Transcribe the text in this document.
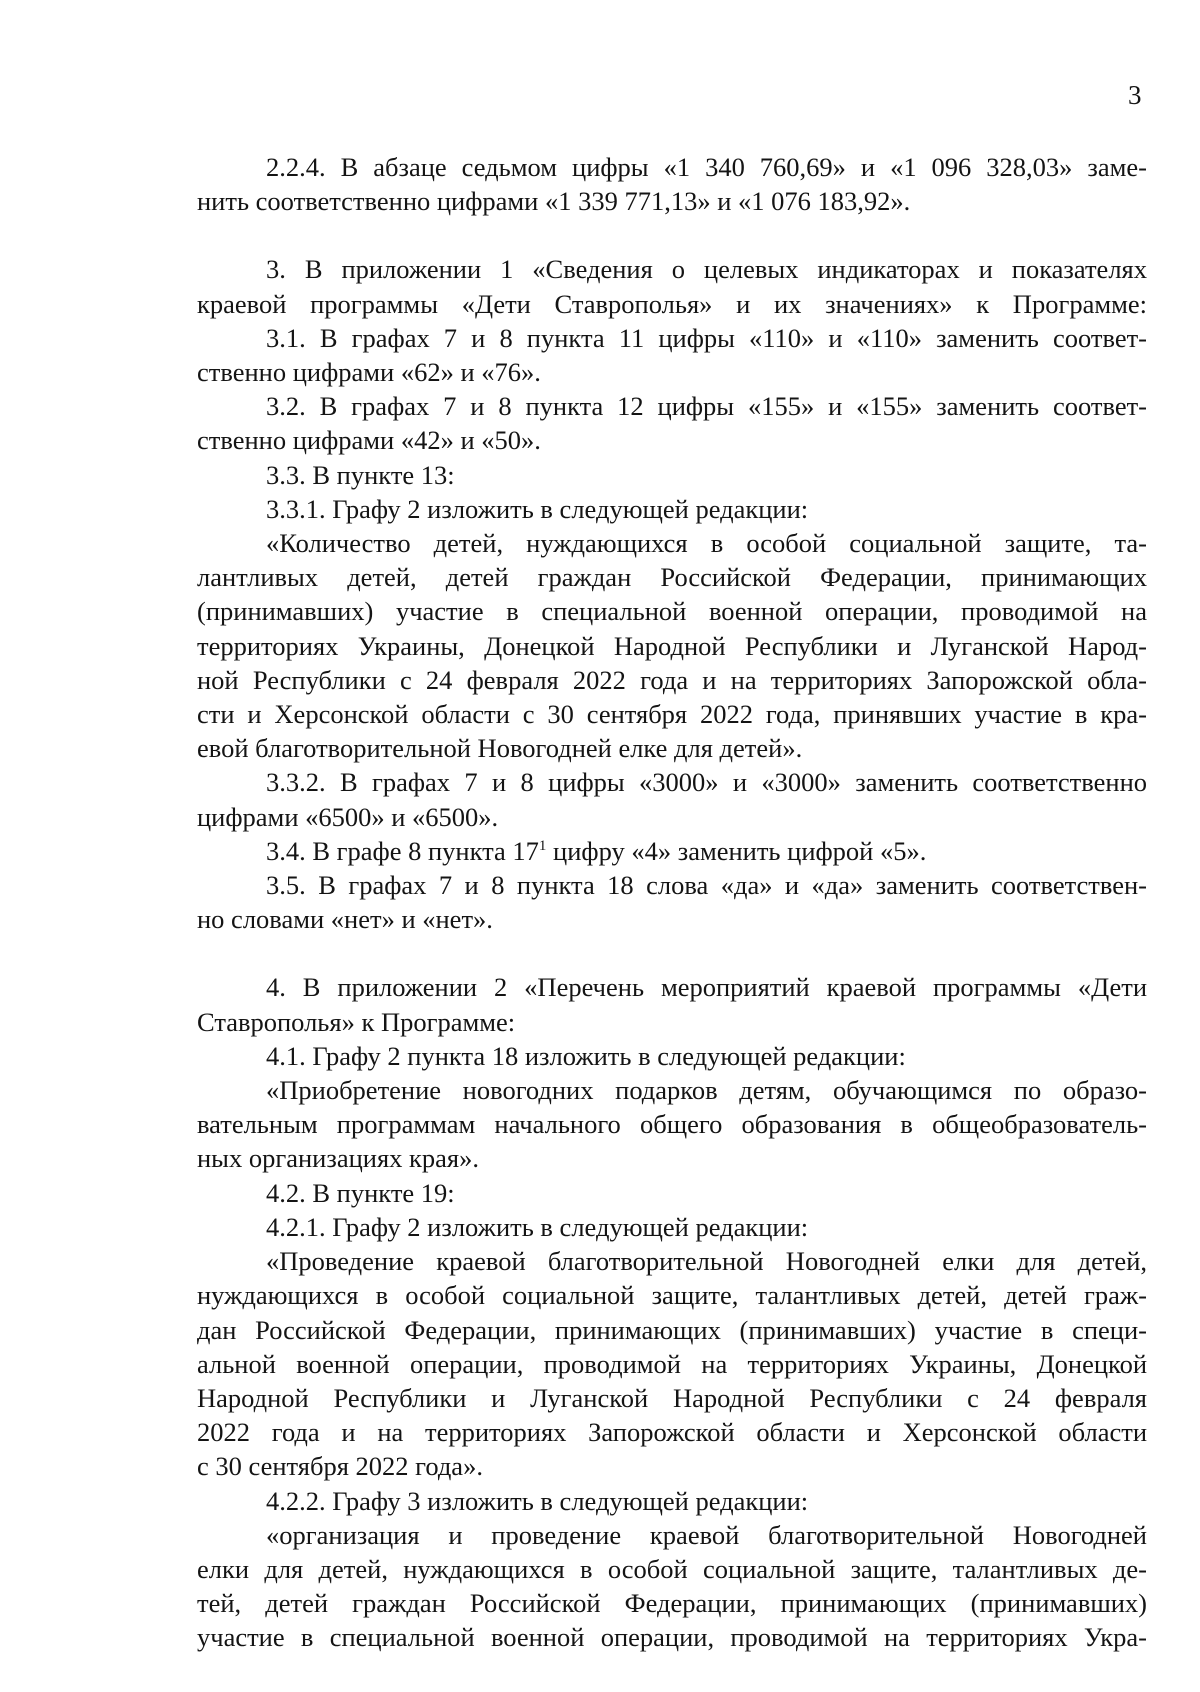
3
2.2.4. В абзаце седьмом цифры «1 340 760,69» и «1 096 328,03» заме-
нить соответственно цифрами «1 339 771,13» и «1 076 183,92».
3. В приложении 1 «Сведения о целевых индикаторах и показателях
краевой программы «Дети Ставрополья» и их значениях» к Программе:
3.1. В графах 7 и 8 пункта 11 цифры «110» и «110» заменить соответ-
ственно цифрами «62» и «76».
3.2. В графах 7 и 8 пункта 12 цифры «155» и «155» заменить соответ-
ственно цифрами «42» и «50».
3.3. В пункте 13:
3.3.1. Графу 2 изложить в следующей редакции:
«Количество детей, нуждающихся в особой социальной защите, та-
лантливых детей, детей граждан Российской Федерации, принимающих
(принимавших) участие в специальной военной операции, проводимой на
территориях Украины, Донецкой Народной Республики и Луганской Народ-
ной Республики с 24 февраля 2022 года и на территориях Запорожской обла-
сти и Херсонской области с 30 сентября 2022 года, принявших участие в кра-
евой благотворительной Новогодней елке для детей».
3.3.2. В графах 7 и 8 цифры «3000» и «3000» заменить соответственно
цифрами «6500» и «6500».
3.4. В графе 8 пункта $17^1$ цифру «4» заменить цифрой «5».
3.5. В графах 7 и 8 пункта 18 слова «да» и «да» заменить соответствен-
но словами «нет» и «нет».
4. В приложении 2 «Перечень мероприятий краевой программы «Дети
Ставрополья» к Программе:
4.1. Графу 2 пункта 18 изложить в следующей редакции:
«Приобретение новогодних подарков детям, обучающимся по образо-
вательным программам начального общего образования в общеобразователь-
ных организациях края».
4.2. В пункте 19:
4.2.1. Графу 2 изложить в следующей редакции:
«Проведение краевой благотворительной Новогодней елки для детей,
нуждающихся в особой социальной защите, талантливых детей, детей граж-
дан Российской Федерации, принимающих (принимавших) участие в специ-
альной военной операции, проводимой на территориях Украины, Донецкой
Народной Республики и Луганской Народной Республики с 24 февраля
2022 года и на территориях Запорожской области и Херсонской области
с 30 сентября 2022 года».
4.2.2. Графу 3 изложить в следующей редакции:
«организация и проведение краевой благотворительной Новогодней
елки для детей, нуждающихся в особой социальной защите, талантливых де-
тей, детей граждан Российской Федерации, принимающих (принимавших)
участие в специальной военной операции, проводимой на территориях Укра-
